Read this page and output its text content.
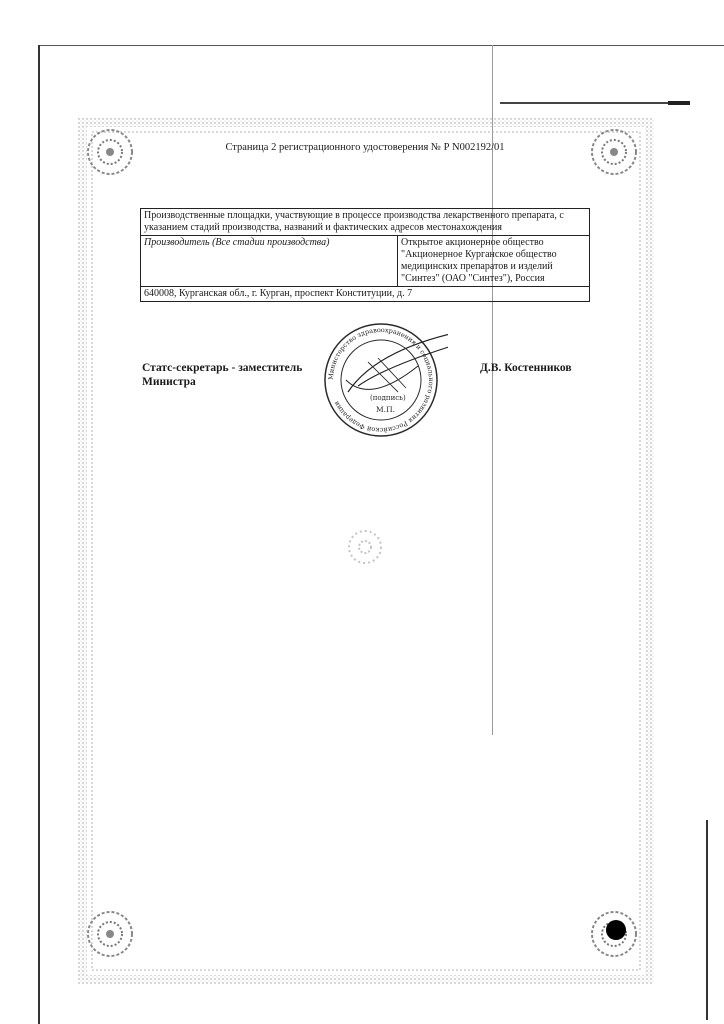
Страница 2 регистрационного удостоверения № Р N002192/01
Производственные площадки, участвующие в процессе производства лекарственного препарата, с указанием стадий производства, названий и фактических адресов местонахождения
Производитель (Все стадии производства)	Открытое акционерное общество "Акционерное Курганское общество медицинских препаратов и изделий "Синтез" (ОАО "Синтез"), Россия
640008, Курганская обл., г. Курган, проспект Конституции, д. 7
Статс-секретарь - заместитель
Министра
Д.В. Костенников
Министерство здравоохранения и социального развития Российской Федерации
(подпись)
М.П.
